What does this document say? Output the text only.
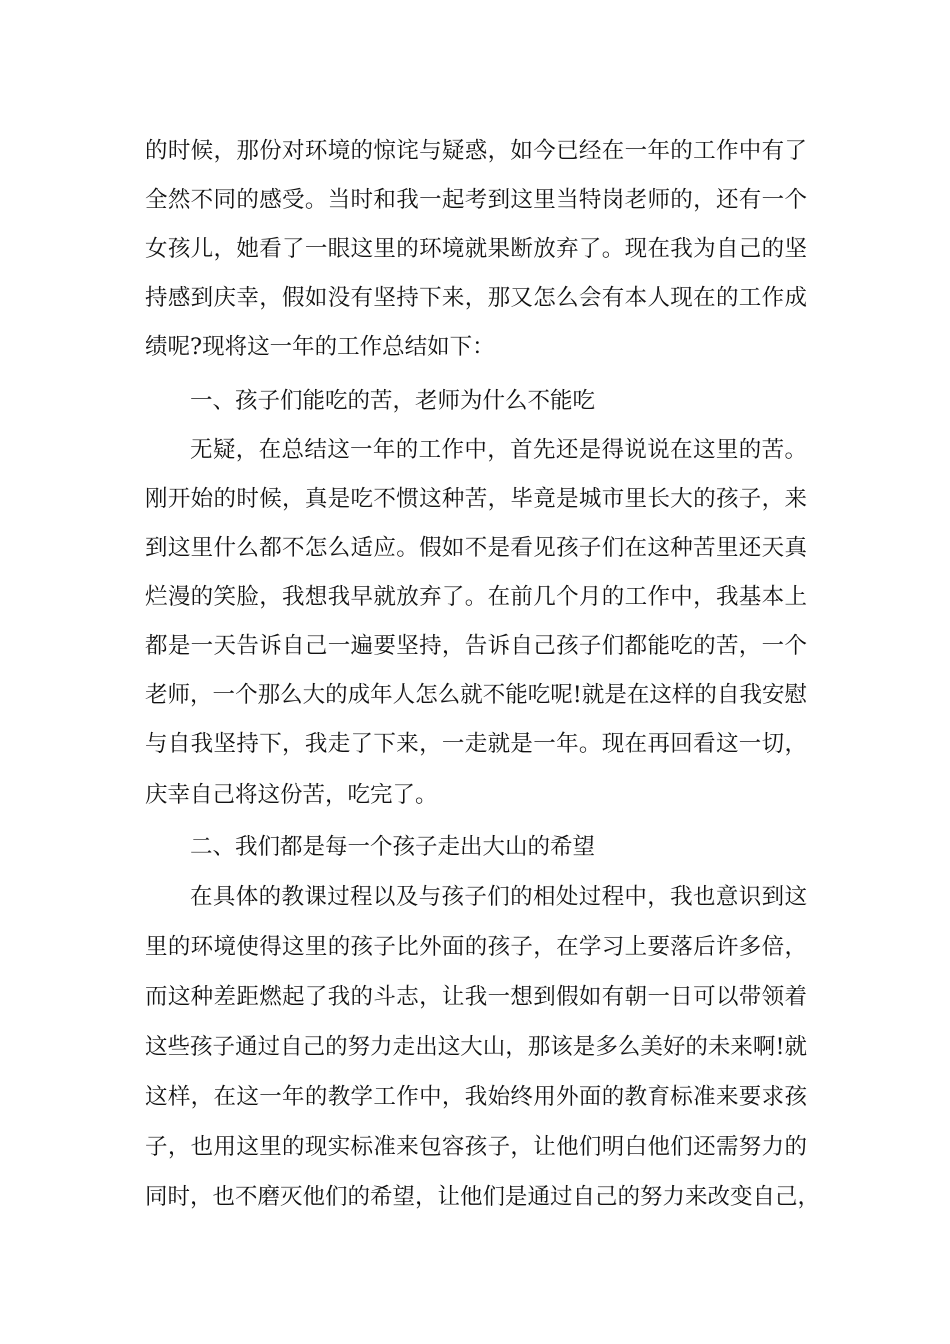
的时候，那份对环境的惊诧与疑惑，如今已经在一年的工作中有了
全然不同的感受。当时和我一起考到这里当特岗老师的，还有一个
女孩儿，她看了一眼这里的环境就果断放弃了。现在我为自己的坚
持感到庆幸，假如没有坚持下来，那又怎么会有本人现在的工作成
绩呢?现将这一年的工作总结如下：
一、孩子们能吃的苦，老师为什么不能吃
无疑，在总结这一年的工作中，首先还是得说说在这里的苦。
刚开始的时候，真是吃不惯这种苦，毕竟是城市里长大的孩子，来
到这里什么都不怎么适应。假如不是看见孩子们在这种苦里还天真
烂漫的笑脸，我想我早就放弃了。在前几个月的工作中，我基本上
都是一天告诉自己一遍要坚持，告诉自己孩子们都能吃的苦，一个
老师，一个那么大的成年人怎么就不能吃呢!就是在这样的自我安慰
与自我坚持下，我走了下来，一走就是一年。现在再回看这一切，
庆幸自己将这份苦，吃完了。
二、我们都是每一个孩子走出大山的希望
在具体的教课过程以及与孩子们的相处过程中，我也意识到这
里的环境使得这里的孩子比外面的孩子，在学习上要落后许多倍，
而这种差距燃起了我的斗志，让我一想到假如有朝一日可以带领着
这些孩子通过自己的努力走出这大山，那该是多么美好的未来啊!就
这样，在这一年的教学工作中，我始终用外面的教育标准来要求孩
子，也用这里的现实标准来包容孩子，让他们明白他们还需努力的
同时，也不磨灭他们的希望，让他们是通过自己的努力来改变自己，
